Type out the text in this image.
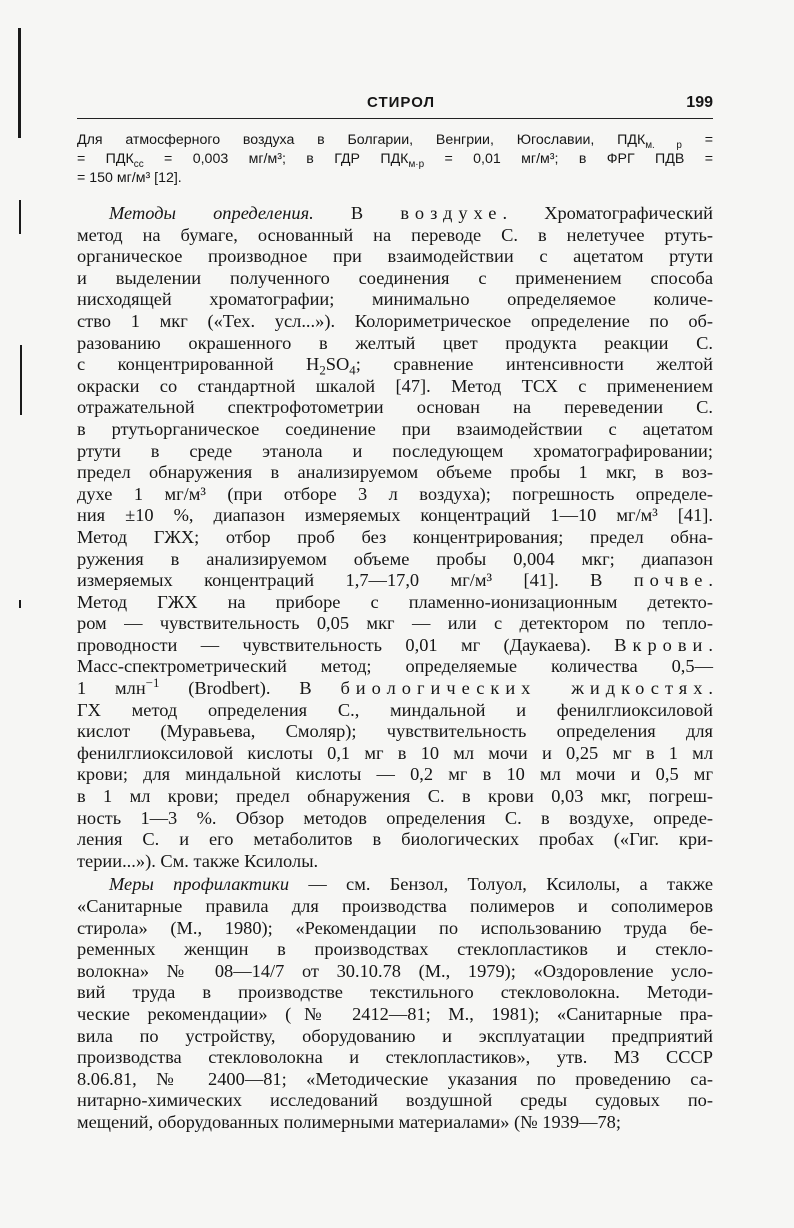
СТИРОЛ	199
Для атмосферного воздуха в Болгарии, Венгрии, Югославии, $ПДК_{м. р}$ =
= $ПДК_{сс} = 0,003$ мг/м³; в ГДР $ПДК_{м\cdot р} = 0,01$ мг/м³; в ФРГ ПДВ =
= 150 мг/м³ [12].
Методы определения. В воздухе. Хроматографический
метод на бумаге, основанный на переводе С. в нелетучее ртуть-
органическое производное при взаимодействии с ацетатом ртути
и выделении полученного соединения с применением способа
нисходящей хроматографии; минимально определяемое количе-
ство 1 мкг («Тех. усл...»). Колориметрическое определение по об-
разованию окрашенного в желтый цвет продукта реакции С.
с концентрированной $H_2SO_4$; сравнение интенсивности желтой
окраски со стандартной шкалой [47]. Метод ТСХ с применением
отражательной спектрофотометрии основан на переведении С.
в ртутьорганическое соединение при взаимодействии с ацетатом
ртути в среде этанола и последующем хроматографировании;
предел обнаружения в анализируемом объеме пробы 1 мкг, в воз-
духе 1 мг/м³ (при отборе 3 л воздуха); погрешность определе-
ния ±10 %, диапазон измеряемых концентраций 1—10 мг/м³ [41].
Метод ГЖХ; отбор проб без концентрирования; предел обна-
ружения в анализируемом объеме пробы 0,004 мкг; диапазон
измеряемых концентраций 1,7—17,0 мг/м³ [41]. В почве.
Метод ГЖХ на приборе с пламенно-ионизационным детекто-
ром — чувствительность 0,05 мкг — или с детектором по тепло-
проводности — чувствительность 0,01 мг (Даукаева). Вкрови.
Масс-спектрометрический метод; определяемые количества 0,5—
1 млн$^{-1}$ (Brodbert). В биологических жидкостях.
ГХ метод определения С., миндальной и фенилглиоксиловой
кислот (Муравьева, Смоляр); чувствительность определения для
фенилглиоксиловой кислоты 0,1 мг в 10 мл мочи и 0,25 мг в 1 мл
крови; для миндальной кислоты — 0,2 мг в 10 мл мочи и 0,5 мг
в 1 мл крови; предел обнаружения С. в крови 0,03 мкг, погреш-
ность 1—3 %. Обзор методов определения С. в воздухе, опреде-
ления С. и его метаболитов в биологических пробах («Гиг. кри-
терии...»). См. также Ксилолы.
Меры профилактики — см. Бензол, Толуол, Ксилолы, а также
«Санитарные правила для производства полимеров и сополимеров
стирола» (М., 1980); «Рекомендации по использованию труда бе-
ременных женщин в производствах стеклопластиков и стекло-
волокна» № 08—14/7 от 30.10.78 (М., 1979); «Оздоровление усло-
вий труда в производстве текстильного стекловолокна. Методи-
ческие рекомендации» (№ 2412—81; М., 1981); «Санитарные пра-
вила по устройству, оборудованию и эксплуатации предприятий
производства стекловолокна и стеклопластиков», утв. МЗ СССР
8.06.81, № 2400—81; «Методические указания по проведению са-
нитарно-химических исследований воздушной среды судовых по-
мещений, оборудованных полимерными материалами» (№ 1939—78;
